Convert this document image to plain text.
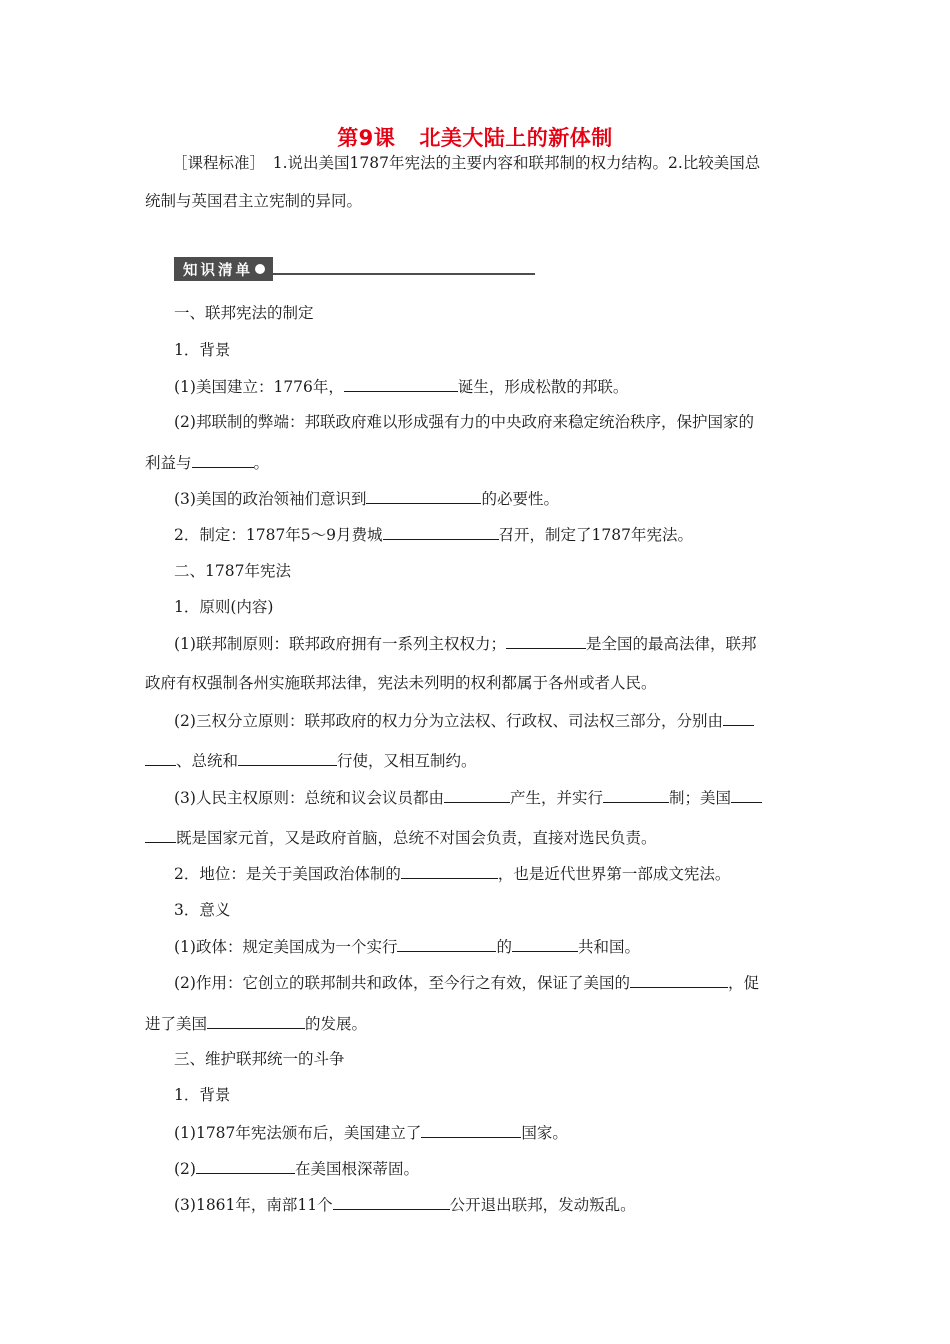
第9课 北美大陆上的新体制
［课程标准］　1.说出美国1787年宪法的主要内容和联邦制的权力结构。2.比较美国总
统制与英国君主立宪制的异同。
知识清单
一、联邦宪法的制定
1．背景
(1)美国建立：1776年，	诞生，形成松散的邦联。
(2)邦联制的弊端：邦联政府难以形成强有力的中央政府来稳定统治秩序，保护国家的
利益与	。
(3)美国的政治领袖们意识到	的必要性。
2．制定：1787年5～9月费城	召开，制定了1787年宪法。
二、1787年宪法
1．原则(内容)
(1)联邦制原则：联邦政府拥有一系列主权权力；	是全国的最高法律，联邦
政府有权强制各州实施联邦法律，宪法未列明的权利都属于各州或者人民。
(2)三权分立原则：联邦政府的权力分为立法权、行政权、司法权三部分，分别由
、总统和	行使，又相互制约。
(3)人民主权原则：总统和议会议员都由	产生，并实行	制；美国
既是国家元首，又是政府首脑，总统不对国会负责，直接对选民负责。
2．地位：是关于美国政治体制的	，也是近代世界第一部成文宪法。
3．意义
(1)政体：规定美国成为一个实行	的	共和国。
(2)作用：它创立的联邦制共和政体，至今行之有效，保证了美国的	，促
进了美国	的发展。
三、维护联邦统一的斗争
1．背景
(1)1787年宪法颁布后，美国建立了	国家。
(2)	在美国根深蒂固。
(3)1861年，南部11个	公开退出联邦，发动叛乱。
